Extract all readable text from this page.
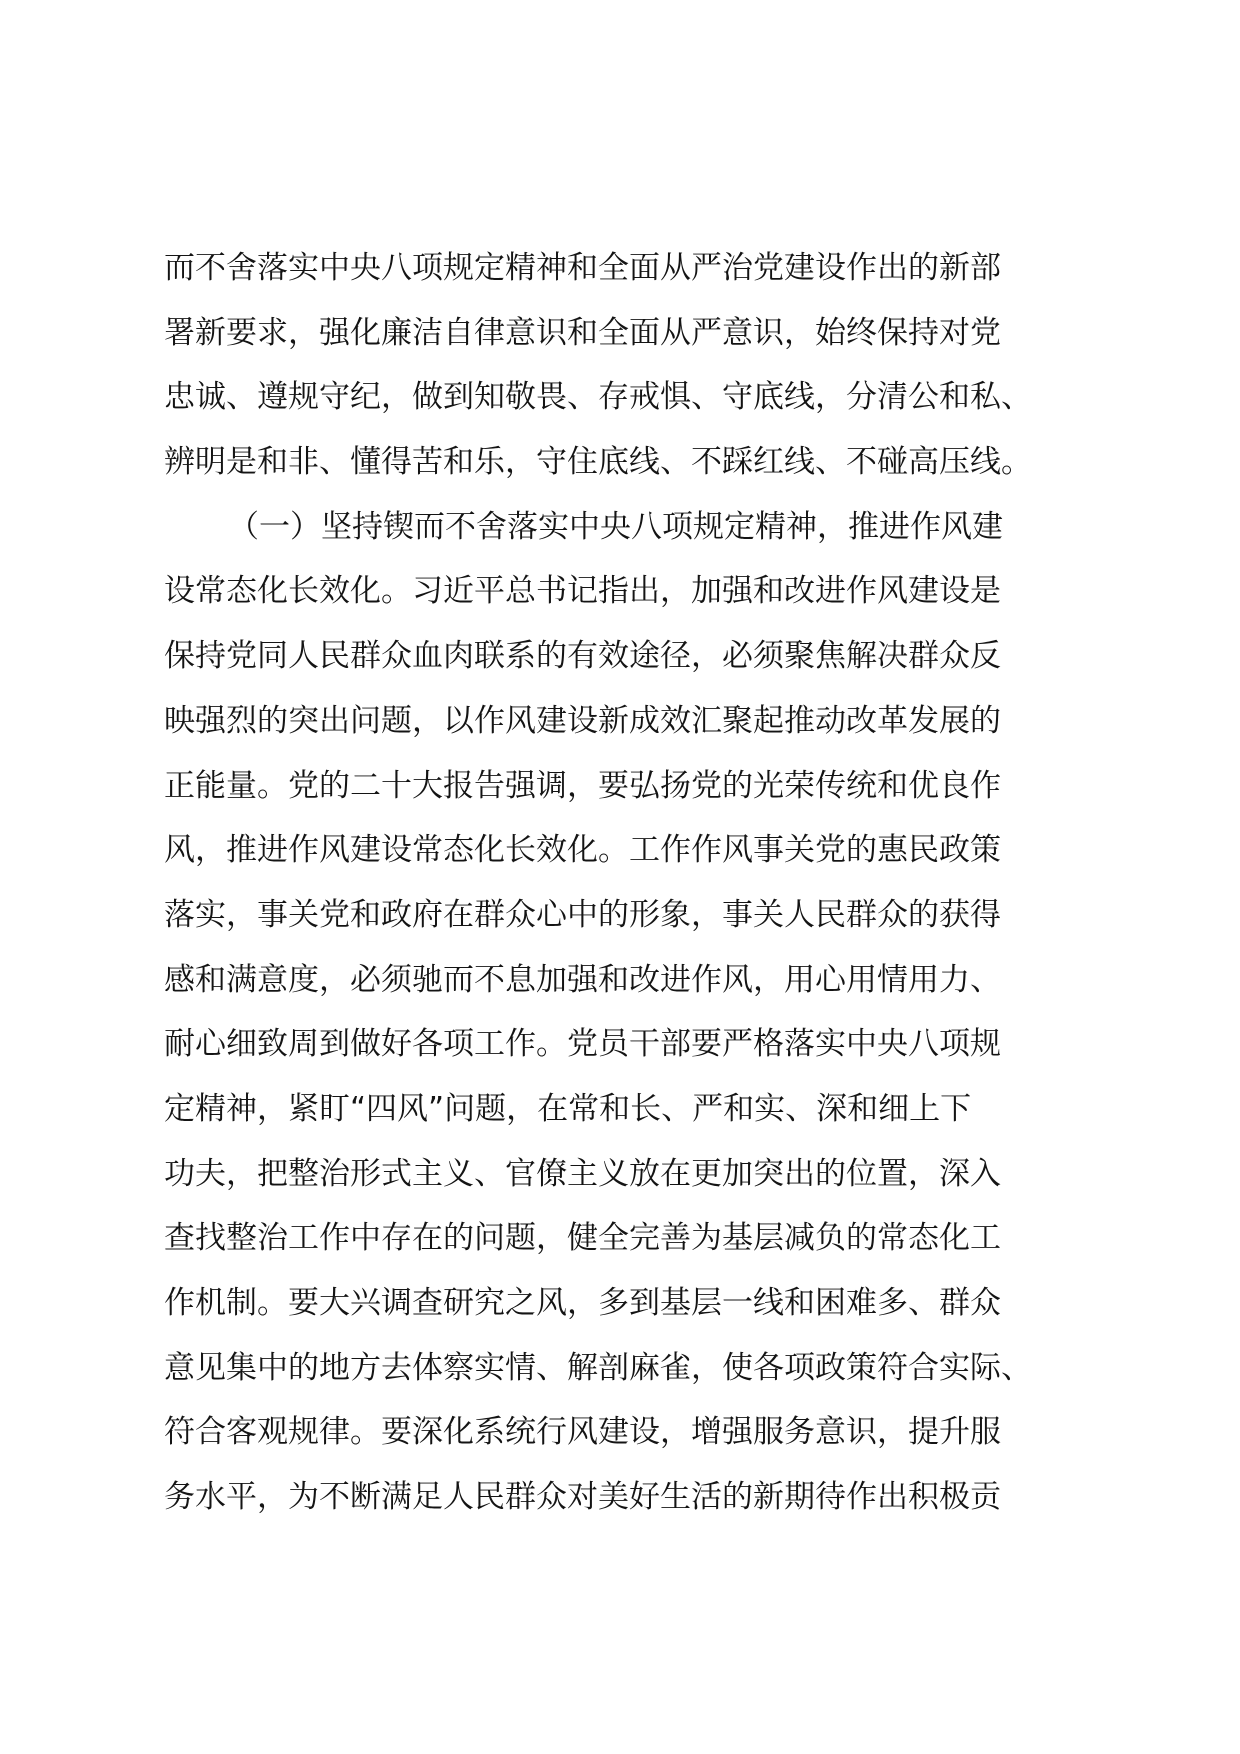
而不舍落实中央八项规定精神和全面从严治党建设作出的新部
署新要求，强化廉洁自律意识和全面从严意识，始终保持对党
忠诚、遵规守纪，做到知敬畏、存戒惧、守底线，分清公和私、
辨明是和非、懂得苦和乐，守住底线、不踩红线、不碰高压线。
（一）坚持锲而不舍落实中央八项规定精神，推进作风建
设常态化长效化。习近平总书记指出，加强和改进作风建设是
保持党同人民群众血肉联系的有效途径，必须聚焦解决群众反
映强烈的突出问题，以作风建设新成效汇聚起推动改革发展的
正能量。党的二十大报告强调，要弘扬党的光荣传统和优良作
风，推进作风建设常态化长效化。工作作风事关党的惠民政策
落实，事关党和政府在群众心中的形象，事关人民群众的获得
感和满意度，必须驰而不息加强和改进作风，用心用情用力、
耐心细致周到做好各项工作。党员干部要严格落实中央八项规
定精神，紧盯“四风”问题，在常和长、严和实、深和细上下
功夫，把整治形式主义、官僚主义放在更加突出的位置，深入
查找整治工作中存在的问题，健全完善为基层减负的常态化工
作机制。要大兴调查研究之风，多到基层一线和困难多、群众
意见集中的地方去体察实情、解剖麻雀，使各项政策符合实际、
符合客观规律。要深化系统行风建设，增强服务意识，提升服
务水平，为不断满足人民群众对美好生活的新期待作出积极贡
